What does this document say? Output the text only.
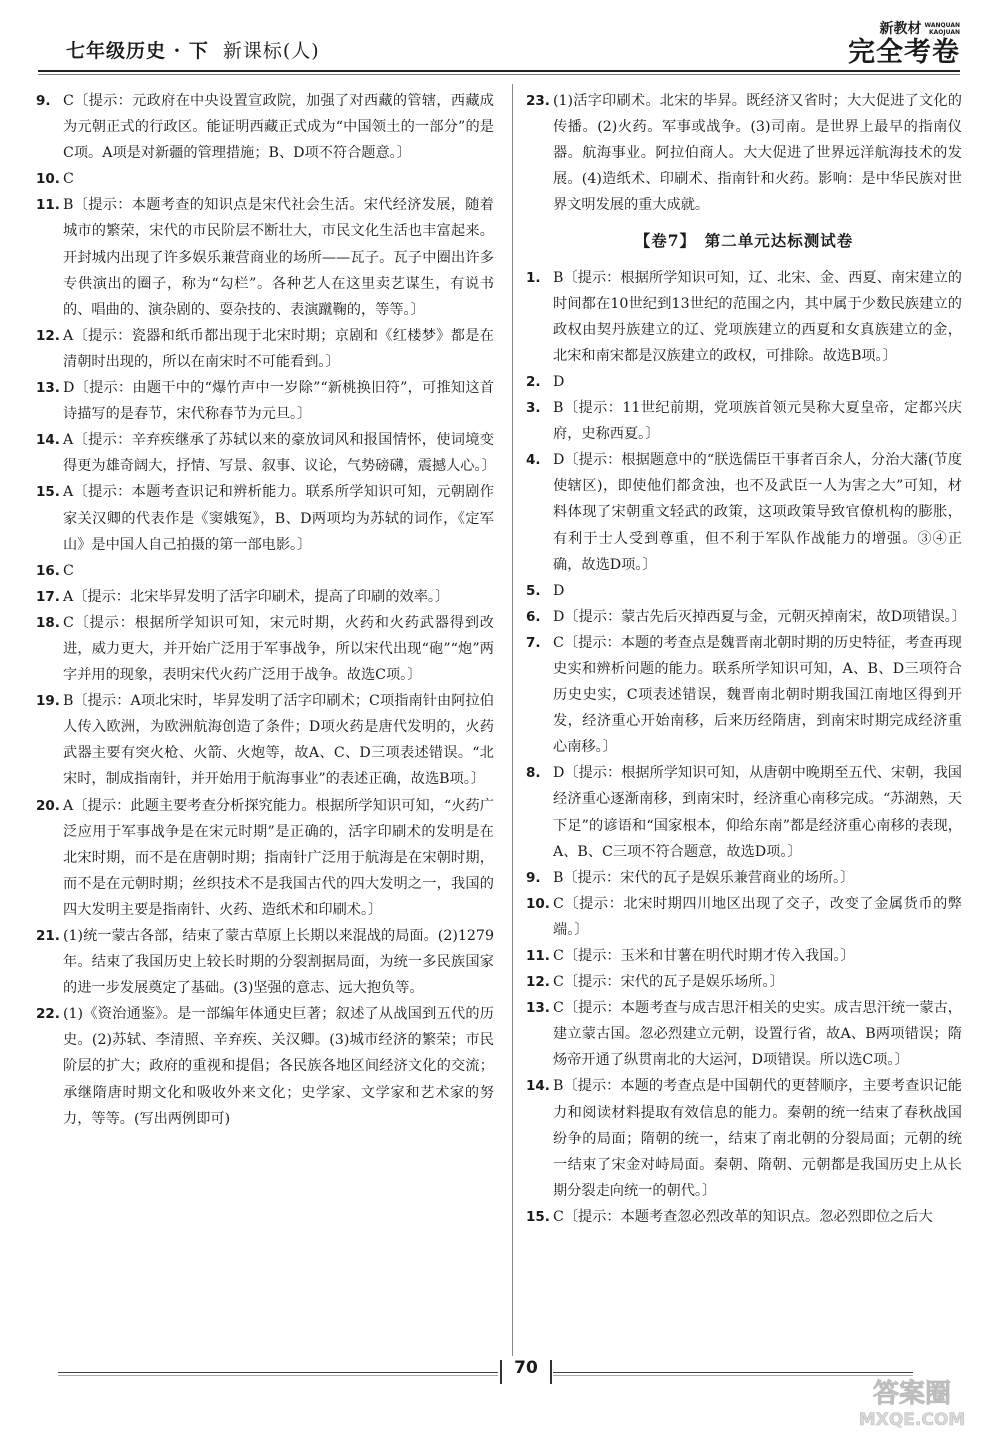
七年级历史 · 下 新课标(人)
新教材 WANQUAN
KAOJUAN
完全考卷
9. C〔提示：元政府在中央设置宣政院，加强了对西藏的管辖，西藏成为元朝正式的行政区。能证明西藏正式成为“中国领土的一部分”的是C项。A项是对新疆的管理措施；B、D项不符合题意。〕
10. C
11. B〔提示：本题考查的知识点是宋代社会生活。宋代经济发展，随着城市的繁荣，宋代的市民阶层不断壮大，市民文化生活也丰富起来。开封城内出现了许多娱乐兼营商业的场所——瓦子。瓦子中圈出许多专供演出的圈子，称为“勾栏”。各种艺人在这里卖艺谋生，有说书的、唱曲的、演杂剧的、耍杂技的、表演蹴鞠的，等等。〕
12. A〔提示：瓷器和纸币都出现于北宋时期；京剧和《红楼梦》都是在清朝时出现的，所以在南宋时不可能看到。〕
13. D〔提示：由题干中的“爆竹声中一岁除”“新桃换旧符”，可推知这首诗描写的是春节，宋代称春节为元旦。〕
14. A〔提示：辛弃疾继承了苏轼以来的豪放词风和报国情怀，使词境变得更为雄奇阔大，抒情、写景、叙事、议论，气势磅礴，震撼人心。〕
15. A〔提示：本题考查识记和辨析能力。联系所学知识可知，元朝剧作家关汉卿的代表作是《窦娥冤》，B、D两项均为苏轼的词作，《定军山》是中国人自己拍摄的第一部电影。〕
16. C
17. A〔提示：北宋毕昇发明了活字印刷术，提高了印刷的效率。〕
18. C〔提示：根据所学知识可知，宋元时期，火药和火药武器得到改进，威力更大，并开始广泛用于军事战争，所以宋代出现“砲”“炮”两字并用的现象，表明宋代火药广泛用于战争。故选C项。〕
19. B〔提示：A项北宋时，毕昇发明了活字印刷术；C项指南针由阿拉伯人传入欧洲，为欧洲航海创造了条件；D项火药是唐代发明的，火药武器主要有突火枪、火箭、火炮等，故A、C、D三项表述错误。“北宋时，制成指南针，并开始用于航海事业”的表述正确，故选B项。〕
20. A〔提示：此题主要考查分析探究能力。根据所学知识可知，“火药广泛应用于军事战争是在宋元时期”是正确的，活字印刷术的发明是在北宋时期，而不是在唐朝时期；指南针广泛用于航海是在宋朝时期，而不是在元朝时期；丝织技术不是我国古代的四大发明之一，我国的四大发明主要是指南针、火药、造纸术和印刷术。〕
21. (1)统一蒙古各部，结束了蒙古草原上长期以来混战的局面。(2)1279年。结束了我国历史上较长时期的分裂割据局面，为统一多民族国家的进一步发展奠定了基础。(3)坚强的意志、远大抱负等。
22. (1)《资治通鉴》。是一部编年体通史巨著；叙述了从战国到五代的历史。(2)苏轼、李清照、辛弃疾、关汉卿。(3)城市经济的繁荣；市民阶层的扩大；政府的重视和提倡；各民族各地区间经济文化的交流；承继隋唐时期文化和吸收外来文化；史学家、文学家和艺术家的努力，等等。(写出两例即可)
23. (1)活字印刷术。北宋的毕昇。既经济又省时；大大促进了文化的传播。(2)火药。军事或战争。(3)司南。是世界上最早的指南仪器。航海事业。阿拉伯商人。大大促进了世界远洋航海技术的发展。(4)造纸术、印刷术、指南针和火药。影响：是中华民族对世界文明发展的重大成就。
【卷7】　第二单元达标测试卷
1. B〔提示：根据所学知识可知，辽、北宋、金、西夏、南宋建立的时间都在10世纪到13世纪的范围之内，其中属于少数民族建立的政权由契丹族建立的辽、党项族建立的西夏和女真族建立的金，北宋和南宋都是汉族建立的政权，可排除。故选B项。〕
2. D
3. B〔提示：11世纪前期，党项族首领元昊称大夏皇帝，定都兴庆府，史称西夏。〕
4. D〔提示：根据题意中的“朕选儒臣干事者百余人，分治大藩(节度使辖区)，即使他们都贪浊，也不及武臣一人为害之大”可知，材料体现了宋朝重文轻武的政策，这项政策导致官僚机构的膨胀，有利于士人受到尊重，但不利于军队作战能力的增强。③④正确，故选D项。〕
5. D
6. D〔提示：蒙古先后灭掉西夏与金，元朝灭掉南宋，故D项错误。〕
7. C〔提示：本题的考查点是魏晋南北朝时期的历史特征，考查再现史实和辨析问题的能力。联系所学知识可知，A、B、D三项符合历史史实，C项表述错误，魏晋南北朝时期我国江南地区得到开发，经济重心开始南移，后来历经隋唐，到南宋时期完成经济重心南移。〕
8. D〔提示：根据所学知识可知，从唐朝中晚期至五代、宋朝，我国经济重心逐渐南移，到南宋时，经济重心南移完成。“苏湖熟，天下足”的谚语和“国家根本，仰给东南”都是经济重心南移的表现，A、B、C三项不符合题意，故选D项。〕
9. B〔提示：宋代的瓦子是娱乐兼营商业的场所。〕
10. C〔提示：北宋时期四川地区出现了交子，改变了金属货币的弊端。〕
11. C〔提示：玉米和甘薯在明代时期才传入我国。〕
12. C〔提示：宋代的瓦子是娱乐场所。〕
13. C〔提示：本题考查与成吉思汗相关的史实。成吉思汗统一蒙古，建立蒙古国。忽必烈建立元朝，设置行省，故A、B两项错误；隋炀帝开通了纵贯南北的大运河，D项错误。所以选C项。〕
14. B〔提示：本题的考查点是中国朝代的更替顺序，主要考查识记能力和阅读材料提取有效信息的能力。秦朝的统一结束了春秋战国纷争的局面；隋朝的统一，结束了南北朝的分裂局面；元朝的统一结束了宋金对峙局面。秦朝、隋朝、元朝都是我国历史上从长期分裂走向统一的朝代。〕
15. C〔提示：本题考查忽必烈改革的知识点。忽必烈即位之后大
70
答案圈
MXQE.COM
